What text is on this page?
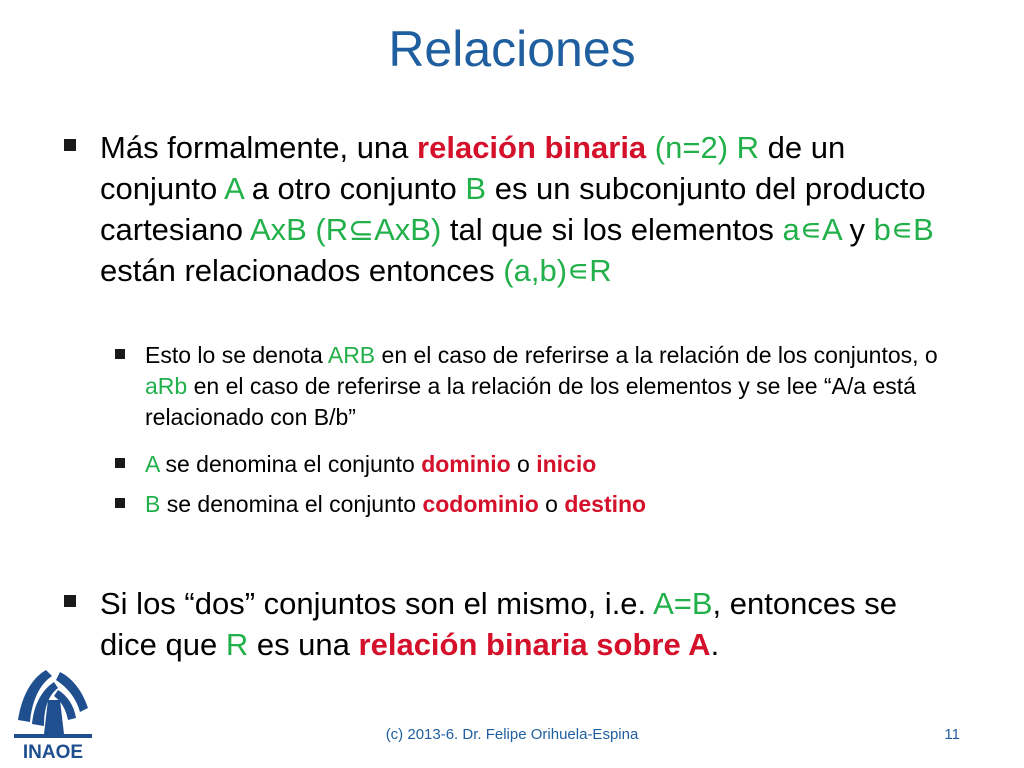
Relaciones
Más formalmente, una relación binaria (n=2) R de un conjunto A a otro conjunto B es un subconjunto del producto cartesiano AxB (R⊆AxB) tal que si los elementos a∊A y b∊B están relacionados entonces (a,b)∊R
Esto lo se denota ARB en el caso de referirse a la relación de los conjuntos, o aRb en el caso de referirse a la relación de los elementos y se lee “A/a está relacionado con B/b”
A se denomina el conjunto dominio o inicio
B se denomina el conjunto codominio o destino
Si los “dos” conjuntos son el mismo, i.e. A=B, entonces se dice que R es una relación binaria sobre A.
INAOE
(c) 2013-6. Dr. Felipe Orihuela-Espina	11
